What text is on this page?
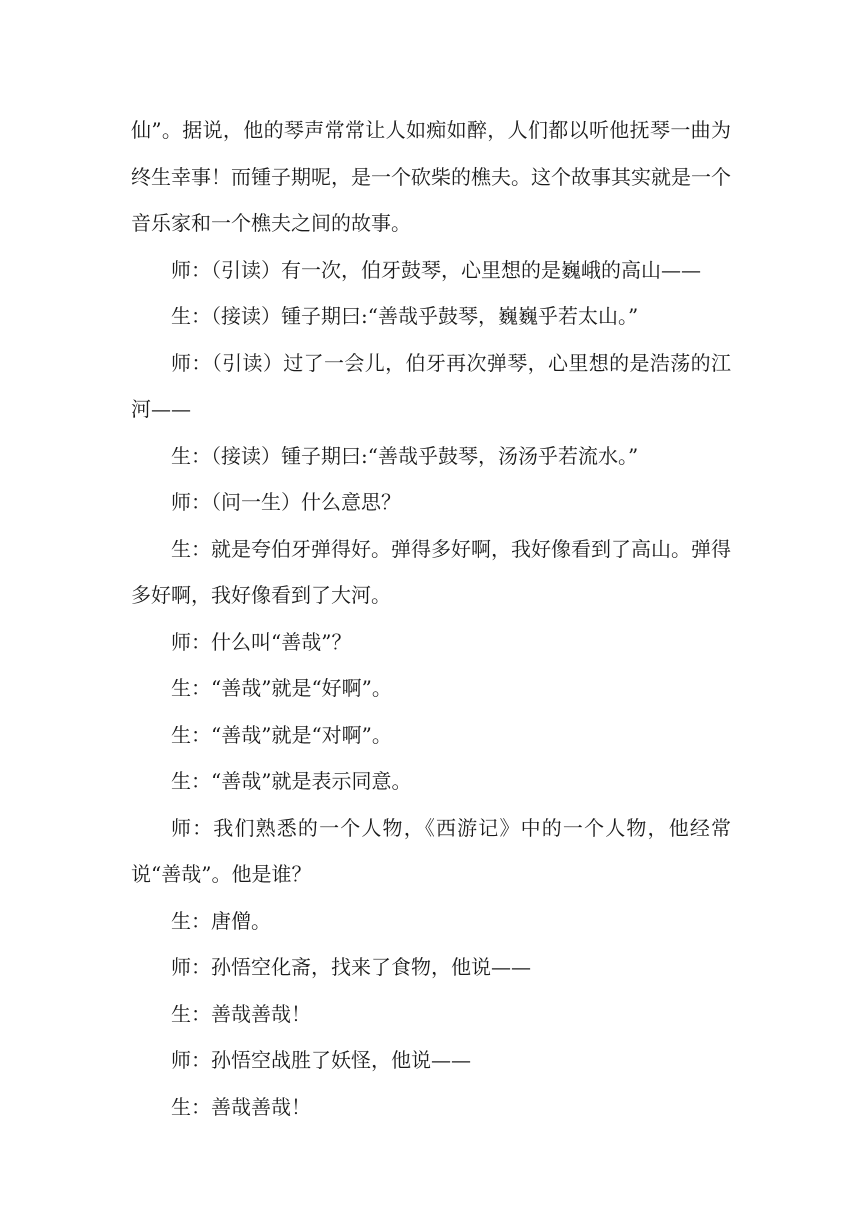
仙”。据说，他的琴声常常让人如痴如醉，人们都以听他抚琴一曲为终生幸事！而锺子期呢，是一个砍柴的樵夫。这个故事其实就是一个音乐家和一个樵夫之间的故事。

师：（引读）有一次，伯牙鼓琴，心里想的是巍峨的高山——

生：（接读）锺子期曰:“善哉乎鼓琴，巍巍乎若太山。”

师：（引读）过了一会儿，伯牙再次弹琴，心里想的是浩荡的江河——

生：（接读）锺子期曰:“善哉乎鼓琴，汤汤乎若流水。”

师：（问一生）什么意思？

生：就是夸伯牙弹得好。弹得多好啊，我好像看到了高山。弹得多好啊，我好像看到了大河。

师：什么叫“善哉”？

生：“善哉”就是“好啊”。

生：“善哉”就是“对啊”。

生：“善哉”就是表示同意。

师：我们熟悉的一个人物，《西游记》中的一个人物，他经常说“善哉”。他是谁？

生：唐僧。

师：孙悟空化斋，找来了食物，他说——

生：善哉善哉！

师：孙悟空战胜了妖怪，他说——

生：善哉善哉！
